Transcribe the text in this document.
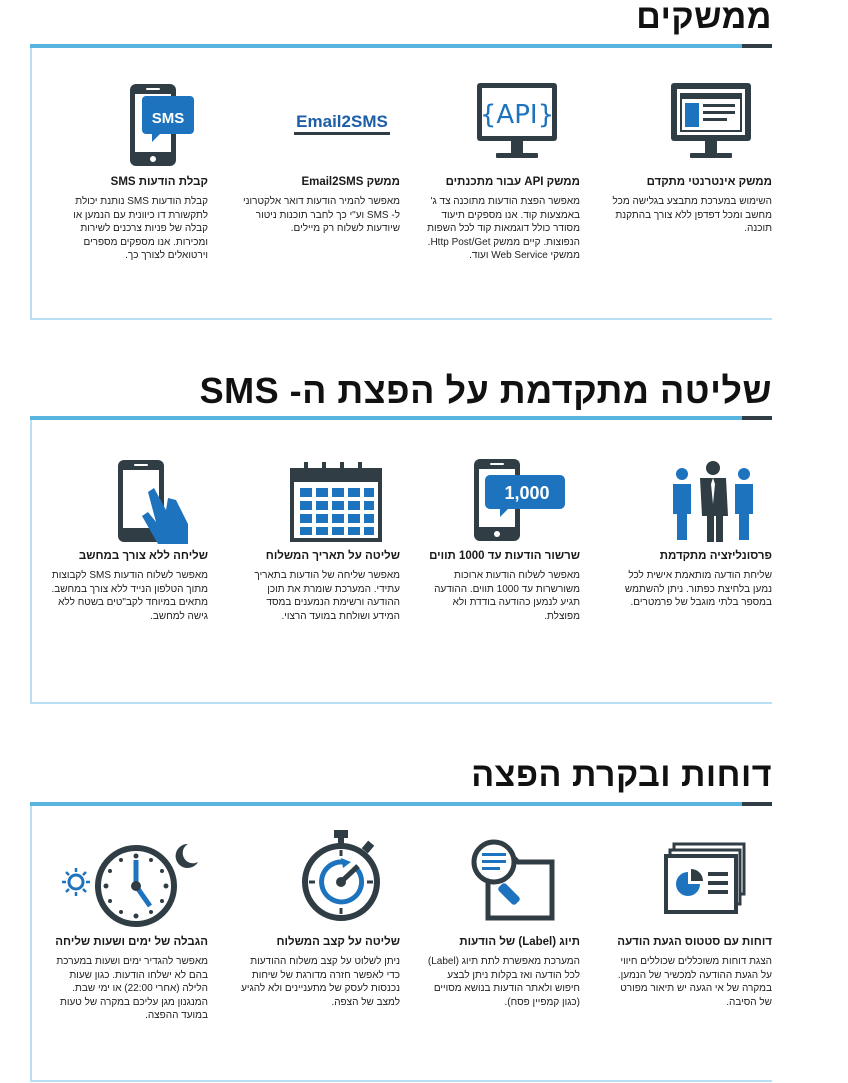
ממשקים
ממשק אינטרנטי מתקדם

השימוש במערכת מתבצע בגלישה מכל מחשב ומכל דפדפן ללא צורך בהתקנת תוכנה.

{API}
ממשק API עבור מתכנתים

מאפשר הפצת הודעות מתוכנה צד ג' באמצעות קוד. אנו מספקים תיעוד מסודר כולל דוגמאות קוד לכל השפות הנפוצות. קיים ממשק Http Post/Get. ממשקי Web Service ועוד.

Email2SMS
ממשק Email2SMS

מאפשר להמיר הודעות דואר אלקטרוני ל- SMS וע"י כך לחבר תוכנות ניטור שיודעות לשלוח רק מיילים.

SMS
קבלת הודעות SMS

קבלת הודעות SMS נותנת יכולת לתקשורת דו כיוונית עם הנמען או קבלה של פניות צרכנים לשירות ומכירות. אנו מספקים מספרים וירטואלים לצורך כך.

שליטה מתקדמת על הפצת ה- SMS
פרסונליזציה מתקדמת

שליחת הודעה מותאמת אישית לכל נמען בלחיצת כפתור. ניתן להשתמש במספר בלתי מוגבל של פרמטרים.

1,000
שרשור הודעות עד 1000 תווים

מאפשר לשלוח הודעות ארוכות משורשרות עד 1000 תווים. ההודעה תגיע לנמען כהודעה בודדת ולא מפוצלת.

שליטה על תאריך המשלוח

מאפשר שליחה של הודעות בתאריך עתידי. המערכת שומרת את תוכן ההודעה ורשימת הנמענים במסד המידע ושולחת במועד הרצוי.

שליחה ללא צורך במחשב

מאפשר לשלוח הודעות SMS לקבוצות מתוך הטלפון הנייד ללא צורך במחשב. מתאים במיוחד לקב"טים בשטח ללא גישה למחשב.

דוחות ובקרת הפצה
דוחות עם סטטוס הגעת הודעה

הצגת דוחות משוכללים שכוללים חיווי על הגעת ההודעה למכשיר של הנמען. במקרה של אי הגעה יש תיאור מפורט של הסיבה.

תיוג (Label) של הודעות

המערכת מאפשרת לתת תיוג (Label) לכל הודעה ואז בקלות ניתן לבצע חיפוש ולאתר הודעות בנושא מסויים (כגון קמפיין פסח).

שליטה על קצב המשלוח

ניתן לשלוט על קצב משלוח ההודעות כדי לאפשר חזרה מדורגת של שיחות נכנסות לעסק של מתעניינים ולא להגיע למצב של הצפה.

הגבלה של ימים ושעות שליחה

מאפשר להגדיר ימים ושעות במערכת בהם לא ישלחו הודעות. כגון שעות הלילה (אחרי 22:00) או ימי שבת. המנגנון מגן עליכם במקרה של טעות במועד ההפצה.
